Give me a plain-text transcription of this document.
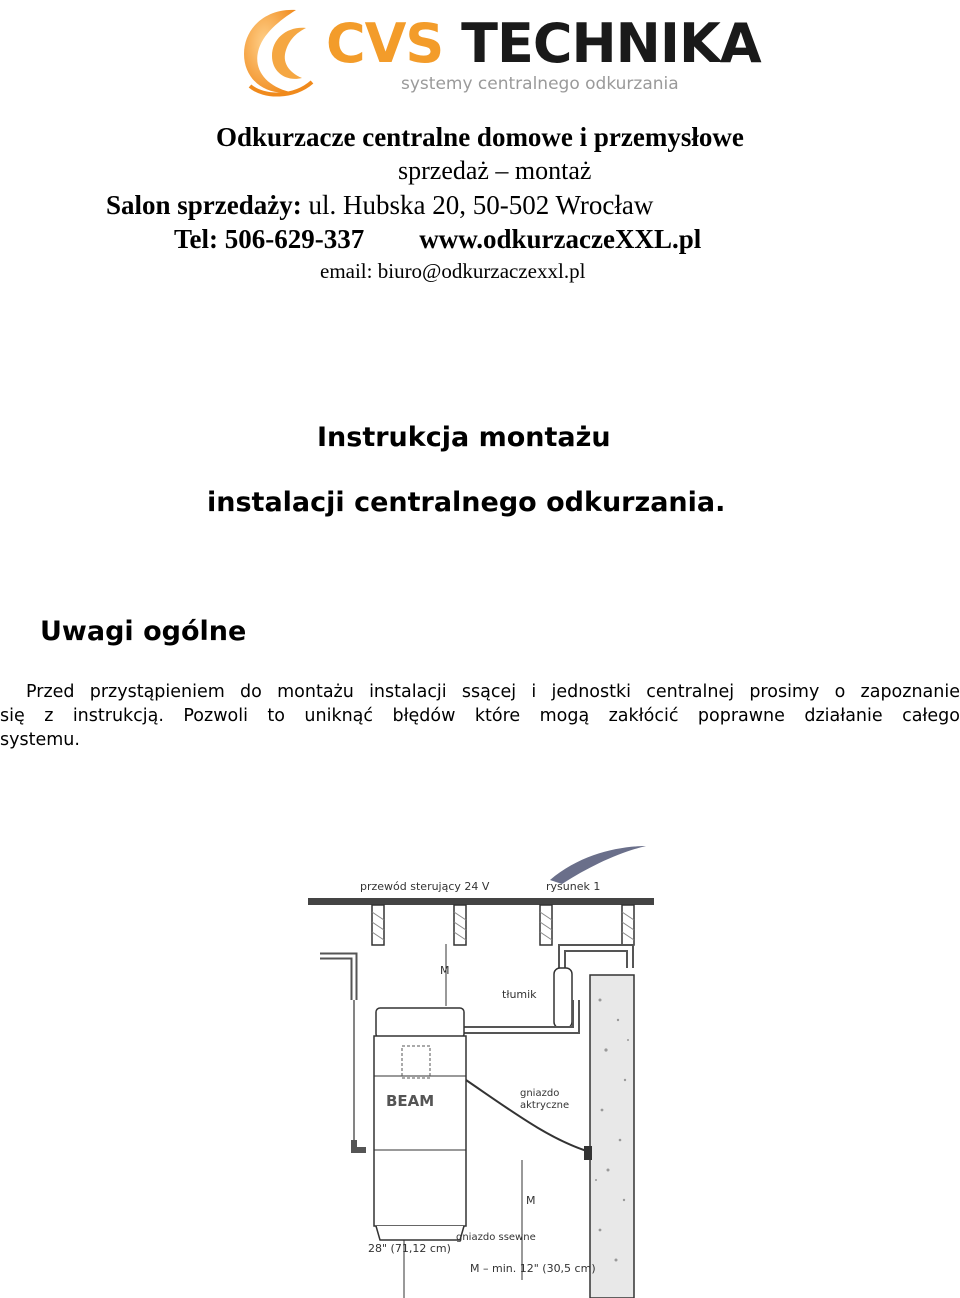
CVS TECHNIKA
systemy centralnego odkurzania
Odkurzacze centralne domowe i przemysłowe
sprzedaż – montaż
Salon sprzedaży: ul. Hubska 20, 50-502 Wrocław
Tel: 506-629-337 www.odkurzaczeXXL.pl
email: biuro@odkurzaczexxl.pl
Instrukcja montażu
instalacji centralnego odkurzania.
Uwagi ogólne
Przed przystąpieniem do montażu instalacji ssącej i jednostki centralnej prosimy o zapoznanie
się z instrukcją. Pozwoli to uniknąć błędów które mogą zakłócić poprawne działanie całego
systemu.
BEAM
przewód sterujący 24 V	rysunek 1
tłumik
gniazdo
aktryczne
M
M
gniazdo ssewne
28" (71,12 cm)
M – min. 12" (30,5 cm)
